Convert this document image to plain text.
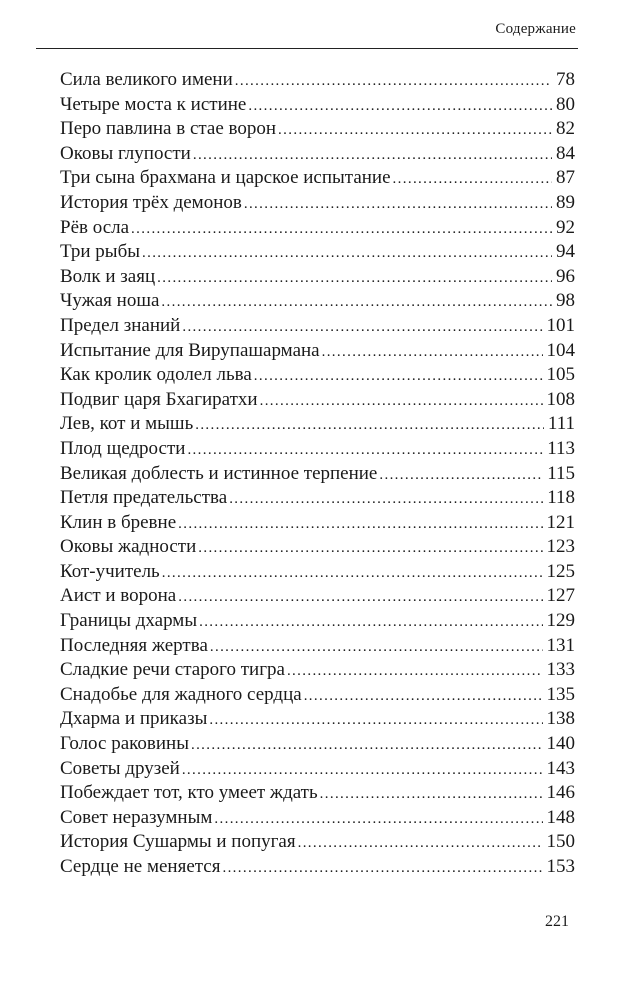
Содержание
Сила великого имени . . .	78
Четыре моста к истине . . .	80
Перо павлина в стае ворон . . .	82
Оковы глупости . . .	84
Три сына брахмана и царское испытание . . .	87
История трёх демонов . . .	89
Рёв осла . . .	92
Три рыбы . . .	94
Волк и заяц . . .	96
Чужая ноша . . .	98
Предел знаний . . .	101
Испытание для Вирупашармана . . .	104
Как кролик одолел льва . . .	105
Подвиг царя Бхагиратхи . . .	108
Лев, кот и мышь . . .	111
Плод щедрости . . .	113
Великая доблесть и истинное терпение . . .	115
Петля предательства . . .	118
Клин в бревне . . .	121
Оковы жадности . . .	123
Кот-учитель . . .	125
Аист и ворона . . .	127
Границы дхармы . . .	129
Последняя жертва . . .	131
Сладкие речи старого тигра . . .	133
Снадобье для жадного сердца . . .	135
Дхарма и приказы . . .	138
Голос раковины . . .	140
Советы друзей . . .	143
Побеждает тот, кто умеет ждать . . .	146
Совет неразумным . . .	148
История Сушармы и попугая . . .	150
Сердце не меняется . . .	153
221
